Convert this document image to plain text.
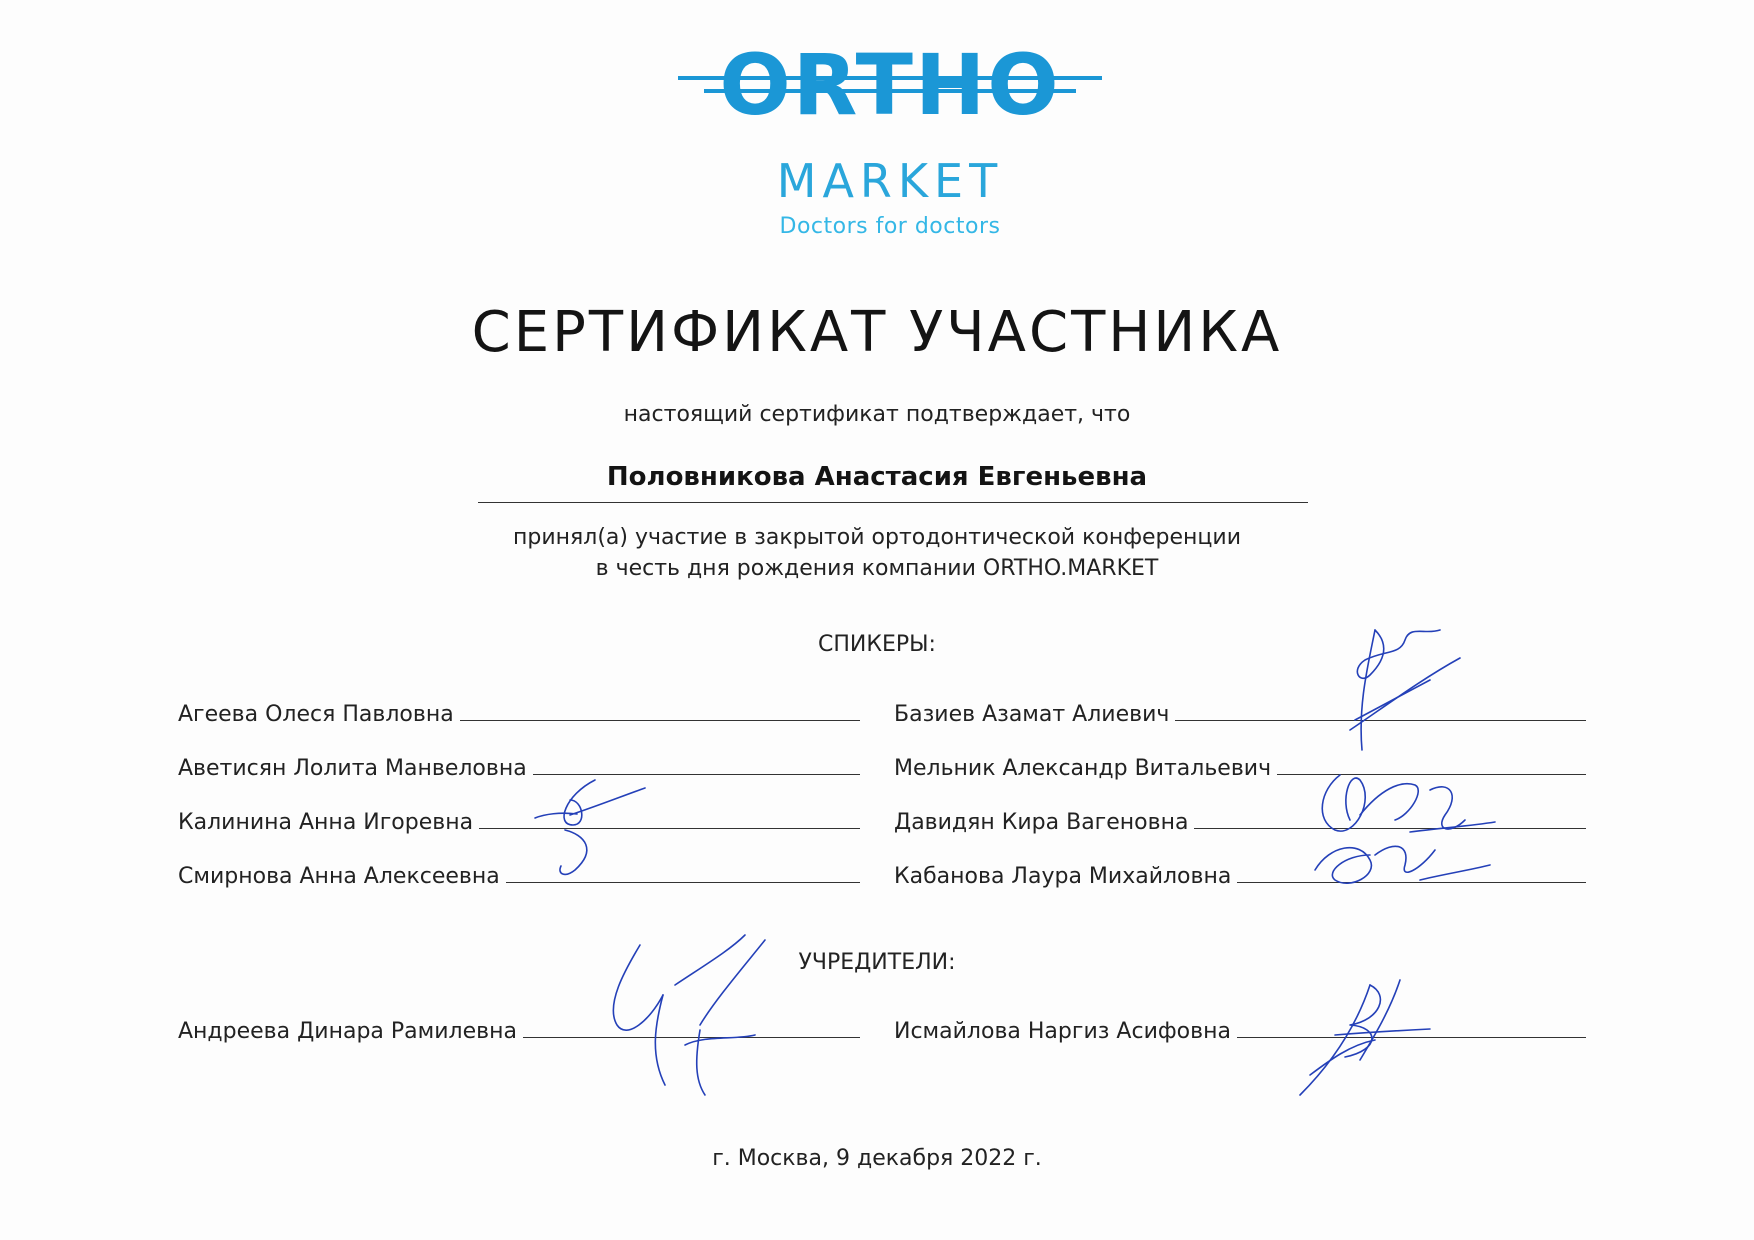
ORTHO
MARKET
Doctors for doctors
СЕРТИФИКАТ УЧАСТНИКА
настоящий сертификат подтверждает, что
Половникова Анастасия Евгеньевна
принял(а) участие в закрытой ортодонтической конференции
в честь дня рождения компании ORTHO.MARKET
СПИКЕРЫ:
Агеева Олеся Павловна
Аветисян Лолита Манвеловна
Калинина Анна Игоревна
Смирнова Анна Алексеевна
Базиев Азамат Алиевич
Мельник Александр Витальевич
Давидян Кира Вагеновна
Кабанова Лаура Михайловна
УЧРЕДИТЕЛИ:
Андреева Динара Рамилевна	Исмайлова Наргиз Асифовна
г. Москва, 9 декабря 2022 г.
